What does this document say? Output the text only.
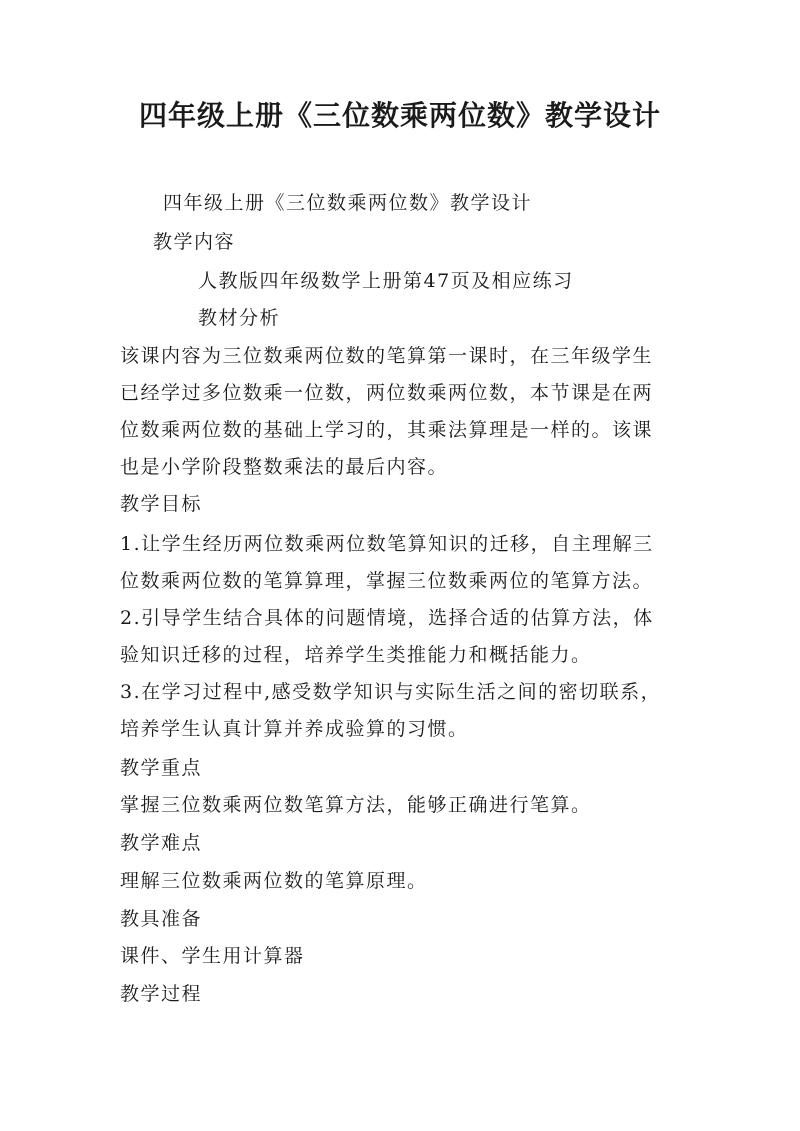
四年级上册《三位数乘两位数》教学设计
四年级上册《三位数乘两位数》教学设计
教学内容
人教版四年级数学上册第47页及相应练习
教材分析

该课内容为三位数乘两位数的笔算第一课时，在三年级学生

已经学过多位数乘一位数，两位数乘两位数，本节课是在两

位数乘两位数的基础上学习的，其乘法算理是一样的。该课

也是小学阶段整数乘法的最后内容。

教学目标

1.让学生经历两位数乘两位数笔算知识的迁移，自主理解三

位数乘两位数的笔算算理，掌握三位数乘两位的笔算方法。

2.引导学生结合具体的问题情境，选择合适的估算方法，体

验知识迁移的过程，培养学生类推能力和概括能力。

3.在学习过程中,感受数学知识与实际生活之间的密切联系，

培养学生认真计算并养成验算的习惯。

教学重点
掌握三位数乘两位数笔算方法，能够正确进行笔算。
教学难点
理解三位数乘两位数的笔算原理。
教具准备
课件、学生用计算器
教学过程
